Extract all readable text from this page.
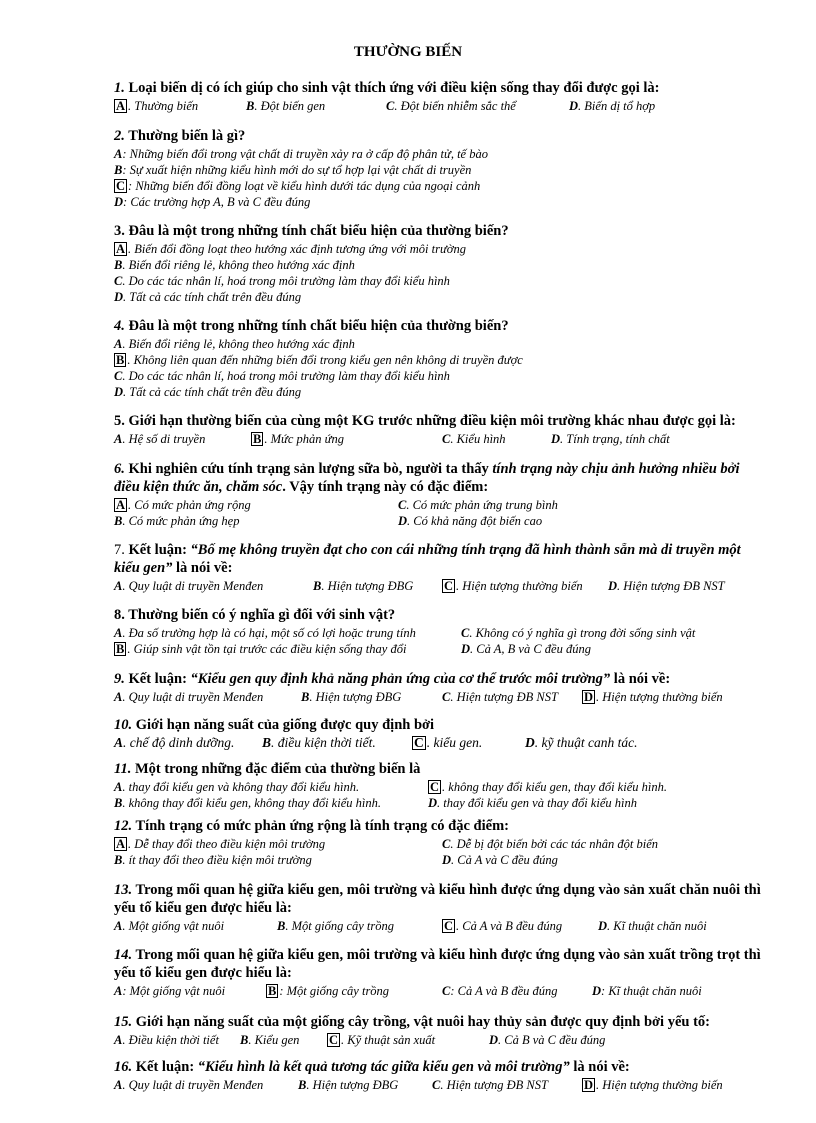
THƯỜNG BIẾN
1. Loại biến dị có ích giúp cho sinh vật thích ứng với điều kiện sống thay đổi được gọi là:
A . Thường biến	B. Đột biến gen	C. Đột biến nhiễm sắc thể	D. Biến dị tổ hợp
2. Thường biến là gì?
A: Những biến đổi trong vật chất di truyền xảy ra ở cấp độ phân tử, tế bào
B: Sự xuất hiện những kiểu hình mới do sự tổ hợp lại vật chất di truyền
C : Những biến đổi đồng loạt về kiểu hình dưới tác dụng của ngoại cảnh
D: Các trường hợp A, B và C đều đúng
3. Đâu là một trong những tính chất biểu hiện của thường biến?
A . Biến đổi đồng loạt theo hướng xác định tương ứng với môi trường
B. Biến đổi riêng lẻ, không theo hướng xác định
C. Do các tác nhân lí, hoá trong môi trường làm thay đổi kiểu hình
D. Tất cả các tính chất trên đều đúng
4. Đâu là một trong những tính chất biểu hiện của thường biến?
A. Biến đổi riêng lẻ, không theo hướng xác định
B . Không liên quan đến những biến đổi trong kiểu gen nên không di truyền được
C. Do các tác nhân lí, hoá trong môi trường làm thay đổi kiểu hình
D. Tất cả các tính chất trên đều đúng
5. Giới hạn thường biến của cùng một KG trước những điều kiện môi trường khác nhau được gọi là:
A. Hệ số di truyền	B . Mức phản ứng	C. Kiểu hình	D. Tính trạng, tính chất
6. Khi nghiên cứu tính trạng sản lượng sữa bò, người ta thấy tính trạng này chịu ảnh hưởng nhiều bởi điều kiện thức ăn, chăm sóc. Vậy tính trạng này có đặc điểm:
A . Có mức phản ứng rộng	C. Có mức phản ứng trung bình
B. Có mức phản ứng hẹp	D. Có khả năng đột biến cao
7. Kết luận: “Bố mẹ không truyền đạt cho con cái những tính trạng đã hình thành sẵn mà di truyền một kiểu gen” là nói về:
A. Quy luật di truyền Menđen	B. Hiện tượng ĐBG C . Hiện tượng thường biến D. Hiện tượng ĐB NST
8. Thường biến có ý nghĩa gì đối với sinh vật?
A. Đa số trường hợp là có hại, một số có lợi hoặc trung tính	C. Không có ý nghĩa gì trong đời sống sinh vật
B . Giúp sinh vật tồn tại trước các điều kiện sống thay đổi	D. Cả A, B và C đều đúng
9. Kết luận: “Kiểu gen quy định khả năng phản ứng của cơ thể trước môi trường” là nói về:
A. Quy luật di truyền Menđen	B. Hiện tượng ĐBG	C. Hiện tượng ĐB NST D . Hiện tượng thường biến
10. Giới hạn năng suất của giống được quy định bởi
A. chế độ dinh dưỡng. B. điều kiện thời tiết.	C . kiểu gen.	D. kỹ thuật canh tác.
11. Một trong những đặc điểm của thường biến là
A. thay đổi kiểu gen và không thay đổi kiểu hình.	C . không thay đổi kiểu gen, thay đổi kiểu hình.
B. không thay đổi kiểu gen, không thay đổi kiểu hình.	D. thay đổi kiểu gen và thay đổi kiểu hình
12. Tính trạng có mức phản ứng rộng là tính trạng có đặc điểm:
A . Dễ thay đổi theo điều kiện môi trường	C. Dễ bị đột biến bởi các tác nhân đột biến
B. ít thay đổi theo điều kiện môi trường	D. Cả A và C đều đúng
13. Trong mối quan hệ giữa kiểu gen, môi trường và kiểu hình được ứng dụng vào sản xuất chăn nuôi thì yếu tố kiểu gen được hiểu là:
A. Một giống vật nuôi	B. Một giống cây trồng	C . Cả A và B đều đúng	D. Kĩ thuật chăn nuôi
14. Trong mối quan hệ giữa kiểu gen, môi trường và kiểu hình được ứng dụng vào sản xuất trồng trọt thì yếu tố kiểu gen được hiểu là:
A: Một giống vật nuôi	B : Một giống cây trồng	C: Cả A và B đều đúng	D: Kĩ thuật chăn nuôi
15. Giới hạn năng suất của một giống cây trồng, vật nuôi hay thủy sản được quy định bởi yếu tố:
A. Điều kiện thời tiết B. Kiểu gen C . Kỹ thuật sản xuất	D. Cả B và C đều đúng
16. Kết luận: “Kiểu hình là kết quả tương tác giữa kiểu gen và môi trường” là nói về:
A. Quy luật di truyền Menđen	B. Hiện tượng ĐBG	C. Hiện tượng ĐB NST	D . Hiện tượng thường biến
